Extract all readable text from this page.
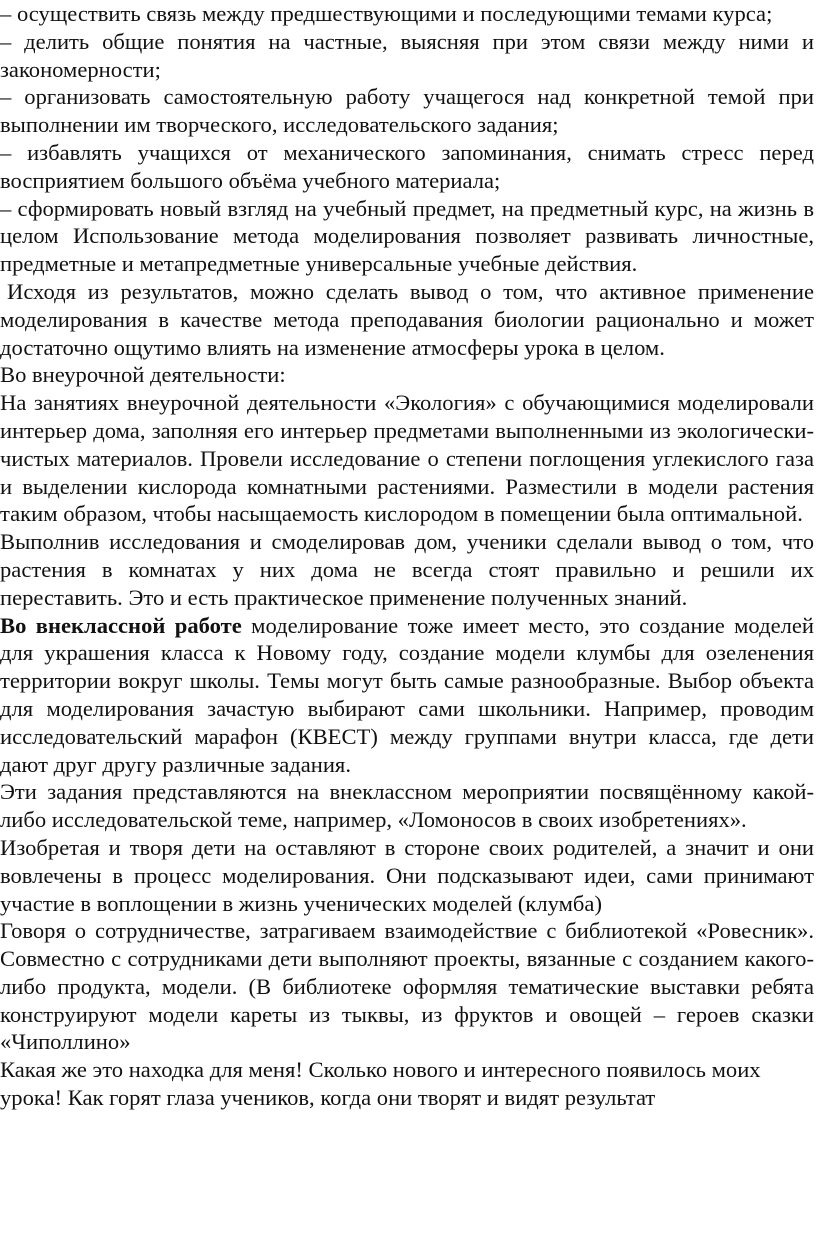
– осуществить связь между предшествующими и последующими темами курса;

– делить общие понятия на частные, выясняя при этом связи между ними и закономерности;

– организовать самостоятельную работу учащегося над конкретной темой при выполнении им творческого, исследовательского задания;

– избавлять учащихся от механического запоминания, снимать стресс перед восприятием большого объёма учебного материала;

– сформировать новый взгляд на учебный предмет, на предметный курс, на жизнь в целом Использование метода моделирования позволяет развивать личностные, предметные и метапредметные универсальные учебные действия.

Исходя из результатов, можно сделать вывод о том, что активное применение моделирования в качестве метода преподавания биологии рационально и может достаточно ощутимо влиять на изменение атмосферы урока в целом.

Во внеурочной деятельности:

На занятиях внеурочной деятельности «Экология» с обучающимися моделировали интерьер дома, заполняя его интерьер предметами выполненными из экологически-чистых материалов. Провели исследование о степени поглощения углекислого газа и выделении кислорода комнатными растениями. Разместили в модели растения таким образом, чтобы насыщаемость кислородом в помещении была оптимальной.

Выполнив исследования и смоделировав дом, ученики сделали вывод о том, что растения в комнатах у них дома не всегда стоят правильно и решили их переставить. Это и есть практическое применение полученных знаний.

Во внеклассной работе моделирование тоже имеет место, это создание моделей для украшения класса к Новому году, создание модели клумбы для озеленения территории вокруг школы. Темы могут быть самые разнообразные. Выбор объекта для моделирования зачастую выбирают сами школьники. Например, проводим исследовательский марафон (КВЕСТ) между группами внутри класса, где дети дают друг другу различные задания.

Эти задания представляются на внеклассном мероприятии посвящённому какой-либо исследовательской теме, например, «Ломоносов в своих изобретениях».

Изобретая и творя дети на оставляют в стороне своих родителей, а значит и они вовлечены в процесс моделирования. Они подсказывают идеи, сами принимают участие в воплощении в жизнь ученических моделей (клумба)

Говоря о сотрудничестве, затрагиваем взаимодействие с библиотекой «Ровесник». Совместно с сотрудниками дети выполняют проекты, вязанные с созданием какого-либо продукта, модели. (В библиотеке оформляя тематические выставки ребята конструируют модели кареты из тыквы, из фруктов и овощей – героев сказки «Чиполлино»

Какая же это находка для меня! Сколько нового и интересного появилось моих урока! Как горят глаза учеников, когда они творят и видят результат
